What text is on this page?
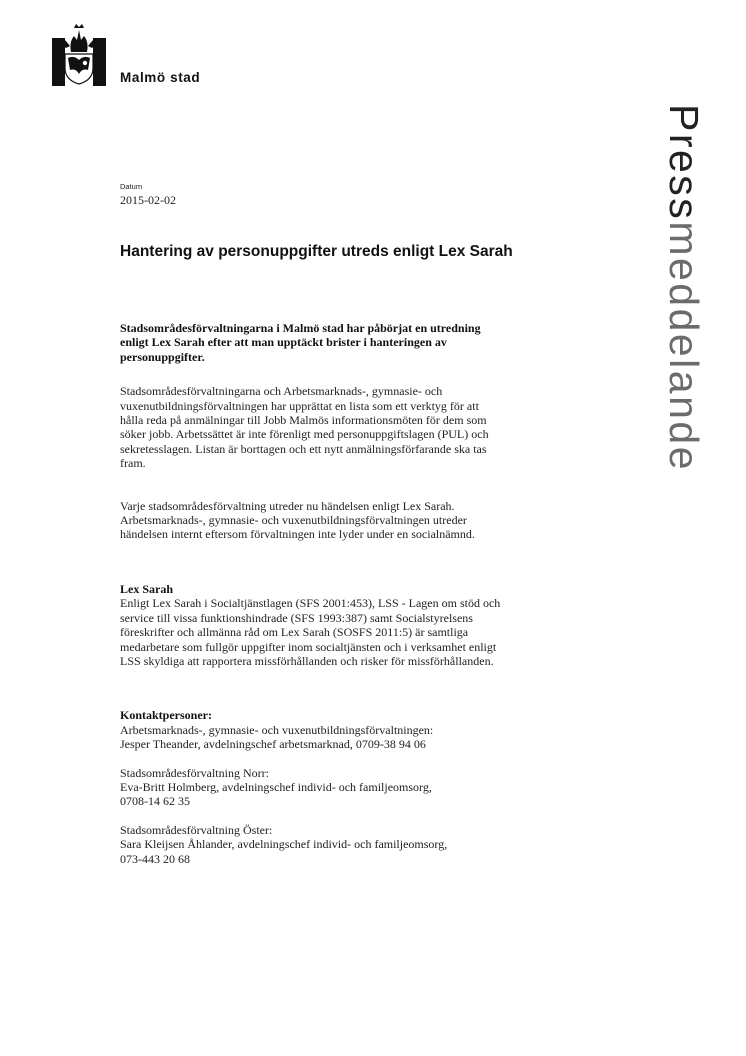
Malmö stad
Pressmeddelande
Datum
2015-02-02
Hantering av personuppgifter utreds enligt Lex Sarah

Stadsområdesförvaltningarna i Malmö stad har påbörjat en utredning
enligt Lex Sarah efter att man upptäckt brister i hanteringen av
personuppgifter.

Stadsområdesförvaltningarna och Arbetsmarknads-, gymnasie- och
vuxenutbildningsförvaltningen har upprättat en lista som ett verktyg för att
hålla reda på anmälningar till Jobb Malmös informationsmöten för dem som
söker jobb. Arbetssättet är inte förenligt med personuppgiftslagen (PUL) och
sekretesslagen. Listan är borttagen och ett nytt anmälningsförfarande ska tas
fram.

Varje stadsområdesförvaltning utreder nu händelsen enligt Lex Sarah.
Arbetsmarknads-, gymnasie- och vuxenutbildningsförvaltningen utreder
händelsen internt eftersom förvaltningen inte lyder under en socialnämnd.

Lex Sarah
Enligt Lex Sarah i Socialtjänstlagen (SFS 2001:453), LSS - Lagen om stöd och
service till vissa funktionshindrade (SFS 1993:387) samt Socialstyrelsens
föreskrifter och allmänna råd om Lex Sarah (SOSFS 2011:5) är samtliga
medarbetare som fullgör uppgifter inom socialtjänsten och i verksamhet enligt
LSS skyldiga att rapportera missförhållanden och risker för missförhållanden.

Kontaktpersoner:
Arbetsmarknads-, gymnasie- och vuxenutbildningsförvaltningen:
Jesper Theander, avdelningschef arbetsmarknad, 0709-38 94 06

Stadsområdesförvaltning Norr:
Eva-Britt Holmberg, avdelningschef individ- och familjeomsorg,
0708-14 62 35

Stadsområdesförvaltning Öster:
Sara Kleijsen Åhlander, avdelningschef individ- och familjeomsorg,
073-443 20 68
